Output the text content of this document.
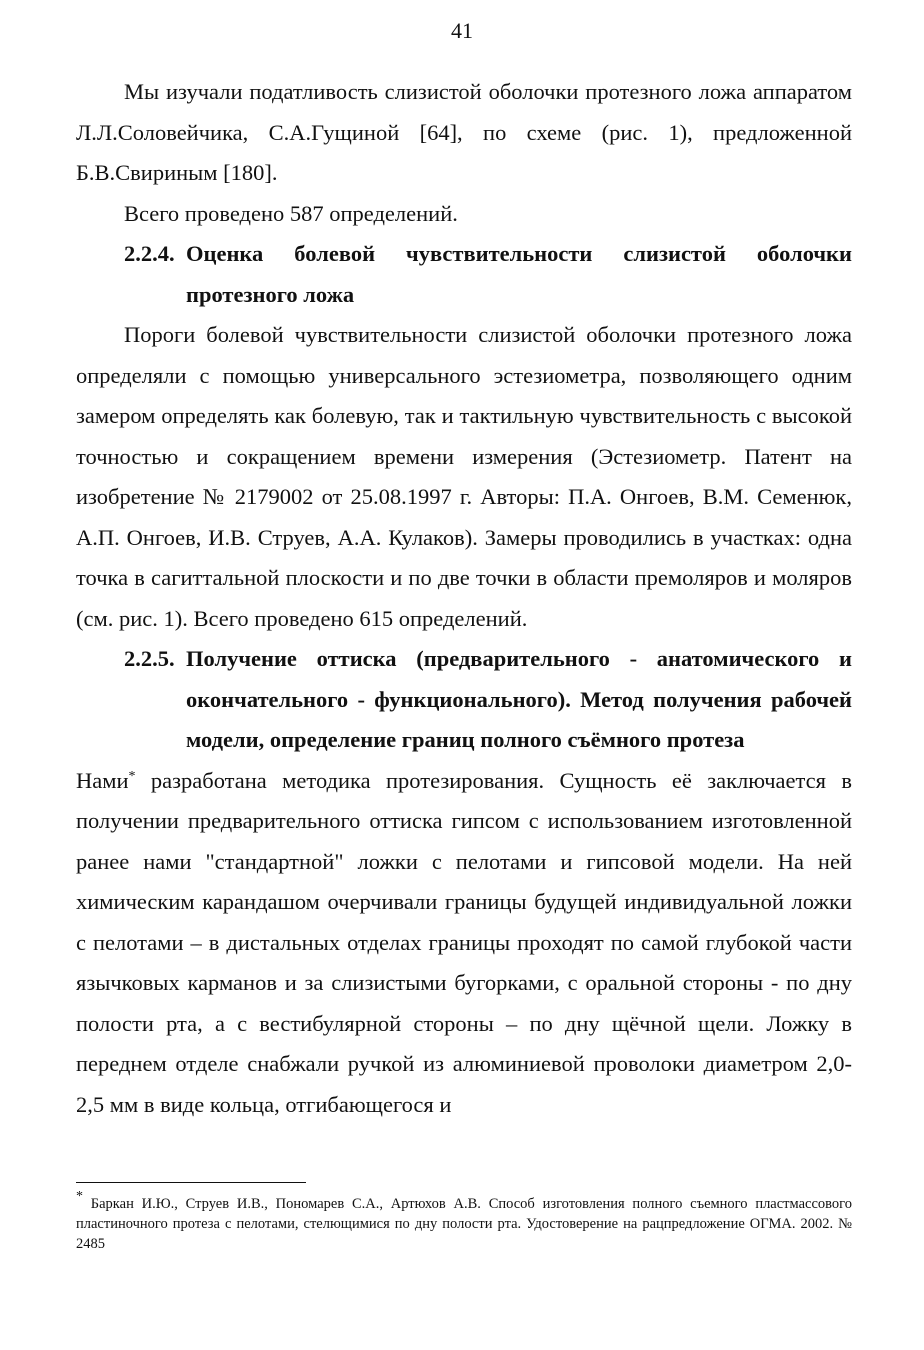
41

Мы изучали податливость слизистой оболочки протезного ложа аппаратом Л.Л.Соловейчика, С.А.Гущиной [64], по схеме (рис. 1), предложенной Б.В.Свириным [180].

Всего проведено 587 определений.

2.2.4. Оценка болевой чувствительности слизистой оболочки протезного ложа

Пороги болевой чувствительности слизистой оболочки протезного ложа определяли с помощью универсального эстезиометра, позволяющего одним замером определять как болевую, так и тактильную чувствительность с высокой точностью и сокращением времени измерения (Эстезиометр. Патент на изобретение № 2179002 от 25.08.1997 г. Авторы: П.А. Онгоев, В.М. Семенюк, А.П. Онгоев, И.В. Струев, А.А. Кулаков). Замеры проводились в участках: одна точка в сагиттальной плоскости и по две точки в области премоляров и моляров (см. рис. 1). Всего проведено 615 определений.

2.2.5. Получение оттиска (предварительного - анатомического и окончательного - функционального). Метод получения рабочей модели, определение границ полного съёмного протеза

Нами* разработана методика протезирования. Сущность её заключается в получении предварительного оттиска гипсом с использованием изготовленной ранее нами "стандартной" ложки с пелотами и гипсовой модели. На ней химическим карандашом очерчивали границы будущей индивидуальной ложки с пелотами – в дистальных отделах границы проходят по самой глубокой части язычковых карманов и за слизистыми бугорками, с оральной стороны - по дну полости рта, а с вестибулярной стороны – по дну щёчной щели. Ложку в переднем отделе снабжали ручкой из алюминиевой проволоки диаметром 2,0-2,5 мм в виде кольца, отгибающегося и

* Баркан И.Ю., Струев И.В., Пономарев С.А., Артюхов А.В. Способ изготовления полного съемного пластмассового пластиночного протеза с пелотами, стелющимися по дну полости рта. Удостоверение на рацпредложение ОГМА. 2002. № 2485
